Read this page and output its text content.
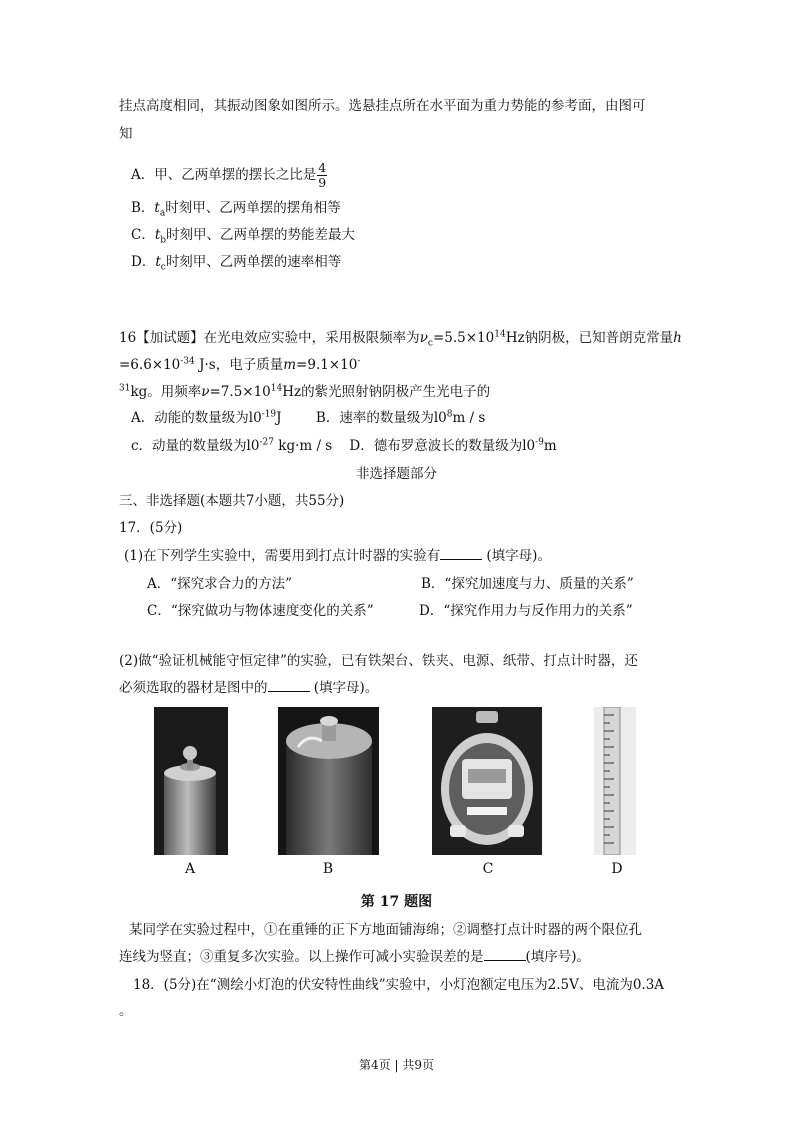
挂点高度相同，其振动图象如图所示。选悬挂点所在水平面为重力势能的参考面，由图可
知
A．甲、乙两单摆的摆长之比是 $\frac{4}{9}$
B．$t_a$时刻甲、乙两单摆的摆角相等
C．$t_b$时刻甲、乙两单摆的势能差最大
D．$t_c$时刻甲、乙两单摆的速率相等
16【加试题】在光电效应实验中，采用极限频率为$\nu_c=5.5\times 10^{14}Hz$钠阴极，已知普朗克常量h
$=6.6\times 10^{-34}$ J·s，电子质量m=9.1×10-
$^{31}$kg。用频率$\nu=7.5\times 10^{14}Hz$的紫光照射钠阴极产生光电子的
A．动能的数量级为$l0^{-19}J$        B．速率的数量级为$l0^8m$ / s
c．动量的数量级为$l0^{-27}$ kg·m / s    D．德布罗意波长的数量级为$l0^{-9}m$
非选择题部分
三、非选择题(本题共7小题，共55分)
17．(5分)
(1)在下列学生实验中，需要用到打点计时器的实验有	(填字母)。
A．“探究求合力的方法”	B．“探究加速度与力、质量的关系”
C．“探究做功与物体速度变化的关系”	D．“探究作用力与反作用力的关系”
(2)做“验证机械能守恒定律”的实验，已有铁架台、铁夹、电源、纸带、打点计时器，还
必须选取的器材是图中的	(填字母)。
A	B	C	D
第 17 题图
某同学在实验过程中，①在重锤的正下方地面铺海绵；②调整打点计时器的两个限位孔
连线为竖直；③重复多次实验。以上操作可减小实验误差的是	(填序号)。
18．(5分)在“测绘小灯泡的伏安特性曲线”实验中，小灯泡额定电压为2.5V、电流为0.3A
。
第4页 | 共9页
